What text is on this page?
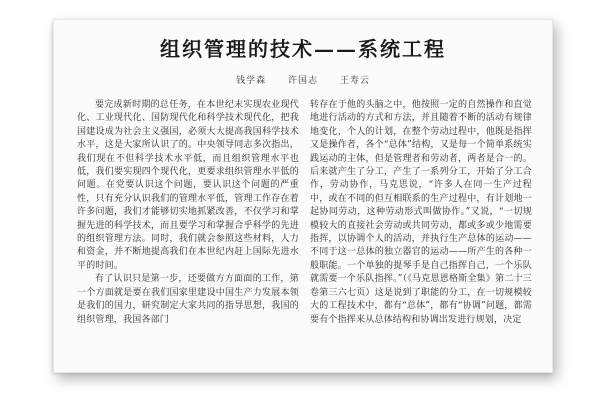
组织管理的技术——系统工程
钱学森 许国志 王寿云

要完成新时期的总任务，在本世纪末实现农业现代化、工业现代化、国防现代化和科学技术现代化，把我国建设成为社会主义强国，必须大大提高我国科学技术水平，这是大家所认识了的。中央领导同志多次指出，我们现在不但科学技术水平低，而且组织管理水平也低，我们要实现四个现代化，更要求组织管理水平低的问题。在党要认识这个问题，要认识这个问题的严重性，只有充分认识我们的管理水平低，管理工作存在着许多问题，我们才能够切实地抓紧改善，不仅学习和掌握先进的科学技术，而且要学习和掌握合乎科学的先进的组织管理方法。同时，我们就会参照这些材料，人力和资金，并不断地提高我们在本世纪内赶上国际先进水平的时间。

有了认识只是第一步，还要做方方面面的工作，第一个方面就是要在我们国家里建设中国生产力发展本领是我们的国力，研究制定大家共同的指导思想，我国的组织管理，我国各部门

转存在于他的头脑之中，他按照一定的自然操作和直觉地进行活动的方式和方法，并且随着不断的活动有规律地变化，个人的计划，在整个劳动过程中，他既是指挥又是操作者，各个“总体”结构，又是每一个简单系统实践运动的主体，但是管理者和劳动者，两者是合一的。后来就产生了分工，产生了一系列分工，开始了分工合作，劳动协作，马克思说，“许多人在同一生产过程中，或在不同的但互相联系的生产过程中，有计划地一起协同劳动，这种劳动形式叫做协作。”又说，“一切规模较大的直接社会劳动或共同劳动，都或多或少地需要指挥，以协调个人的活动，并执行生产总体的运动——不同于这一总体的独立器官的运动——所产生的各种一般职能。一个单独的提琴手是自己指挥自己，一个乐队就需要一个乐队指挥。”（《马克思恩格斯全集》第二十三卷第三六七页）这是说到了职能的分工，在一切规模较大的工程技术中，都有“总体”，都有“协调”问题，都需要有个指挥来从总体结构和协调出发进行规划，决定
